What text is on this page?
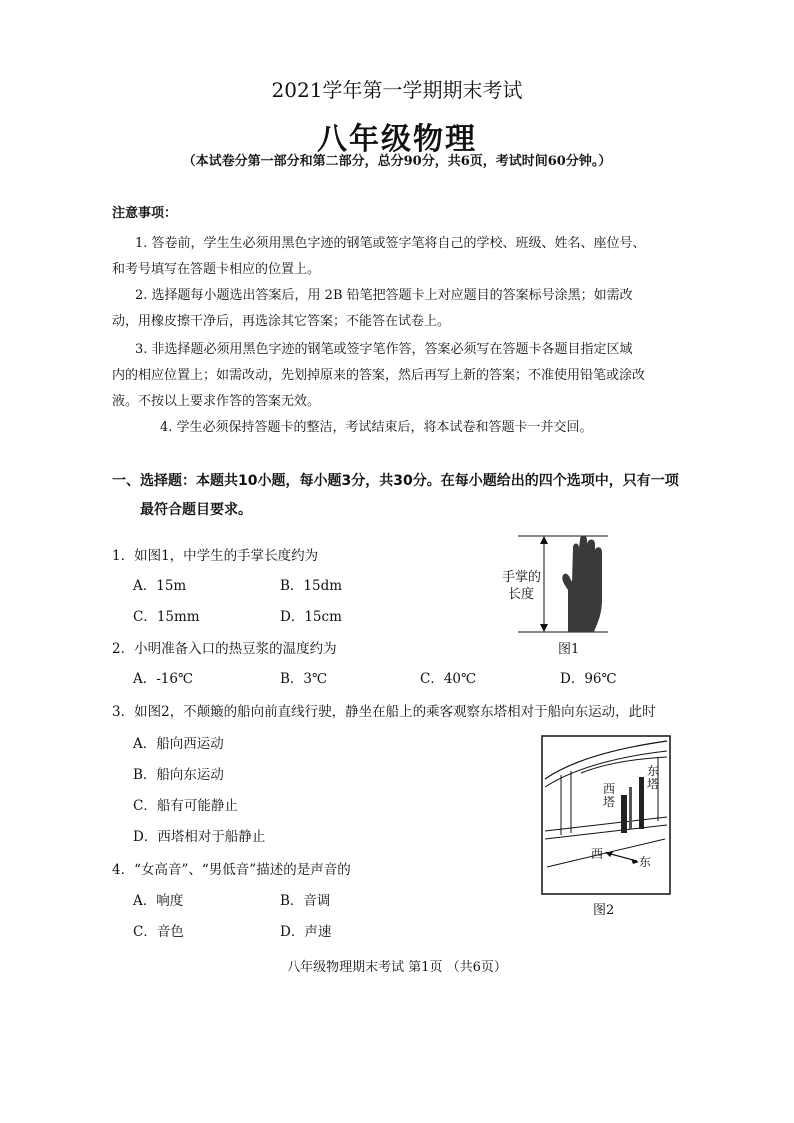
2021学年第一学期期末考试
八年级物理
（本试卷分第一部分和第二部分，总分90分，共6页，考试时间60分钟。）
注意事项：
1. 答卷前，学生生必须用黑色字迹的钢笔或签字笔将自己的学校、班级、姓名、座位号、
和考号填写在答题卡相应的位置上。
2. 选择题每小题选出答案后，用 2B 铅笔把答题卡上对应题目的答案标号涂黑；如需改
动，用橡皮擦干净后，再选涂其它答案；不能答在试卷上。
3. 非选择题必须用黑色字迹的钢笔或签字笔作答，答案必须写在答题卡各题目指定区域
内的相应位置上；如需改动，先划掉原来的答案，然后再写上新的答案；不准使用铅笔或涂改
液。不按以上要求作答的答案无效。
4. 学生必须保持答题卡的整洁，考试结束后，将本试卷和答题卡一并交回。
一、选择题：本题共10小题，每小题3分，共30分。在每小题给出的四个选项中，只有一项
最符合题目要求。
1．如图1，中学生的手掌长度约为
A．15m	B．15dm
C．15mm	D．15cm
手掌的
长度
图1
2．小明准备入口的热豆浆的温度约为
A．-16℃	B．3℃	C．40℃	D．96℃
3．如图2，不颠簸的船向前直线行驶，静坐在船上的乘客观察东塔相对于船向东运动，此时
A．船向西运动
B．船向东运动
C．船有可能静止
D．西塔相对于船静止
西塔
东塔
西
东
图2
4．“女高音”、“男低音”描述的是声音的
A．响度	B．音调
C．音色	D．声速
八年级物理期末考试 第1页 （共6页）
